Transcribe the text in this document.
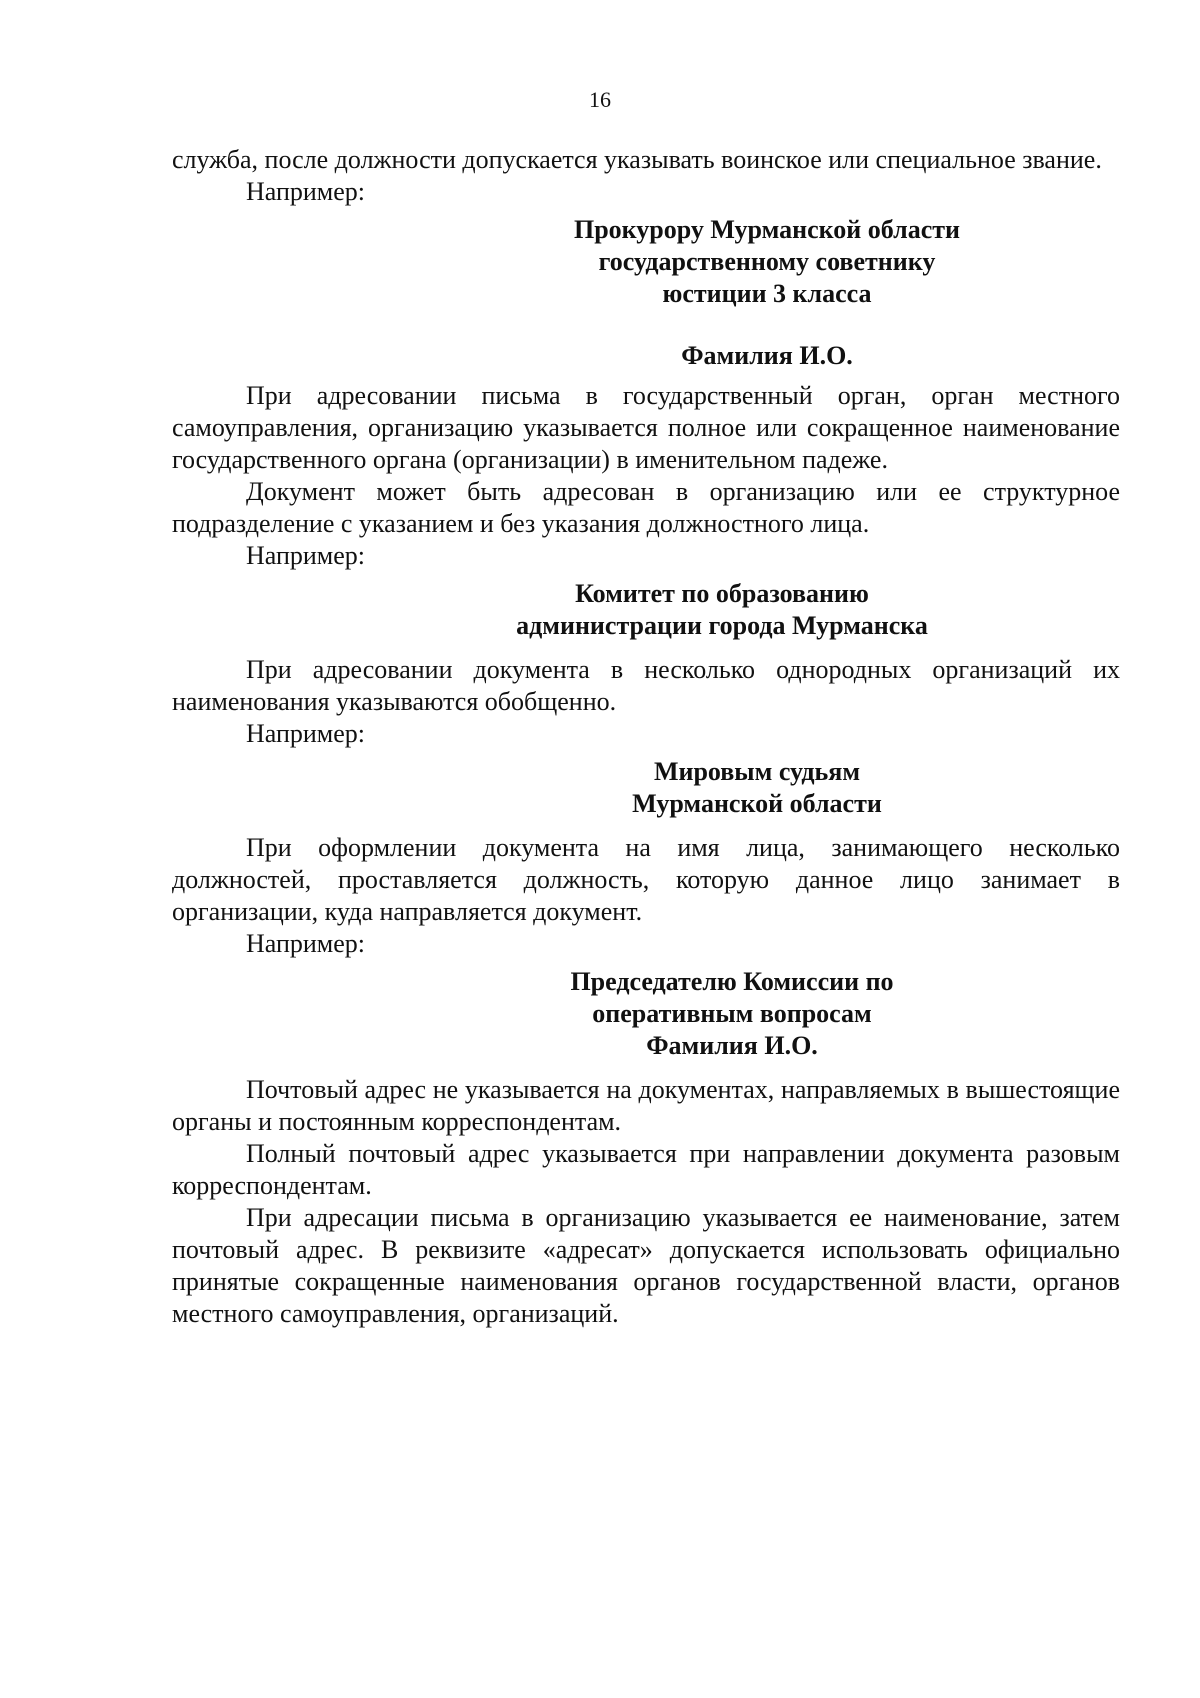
16

служба, после должности допускается указывать воинское или специальное звание.

Например:

Прокурору Мурманской области
государственному советнику
юстиции 3 класса
Фамилия И.О.

При адресовании письма в государственный орган, орган местного самоуправления, организацию указывается полное или сокращенное наименование государственного органа (организации) в именительном падеже.

Документ может быть адресован в организацию или ее структурное подразделение с указанием и без указания должностного лица.

Например:

Комитет по образованию
администрации города Мурманска

При адресовании документа в несколько однородных организаций их наименования указываются обобщенно.

Например:

Мировым судьям
Мурманской области

При оформлении документа на имя лица, занимающего несколько должностей, проставляется должность, которую данное лицо занимает в организации, куда направляется документ.

Например:

Председателю Комиссии по
оперативным вопросам
Фамилия И.О.

Почтовый адрес не указывается на документах, направляемых в вышестоящие органы и постоянным корреспондентам.

Полный почтовый адрес указывается при направлении документа разовым корреспондентам.

При адресации письма в организацию указывается ее наименование, затем почтовый адрес. В реквизите «адресат» допускается использовать официально принятые сокращенные наименования органов государственной власти, органов местного самоуправления, организаций.
